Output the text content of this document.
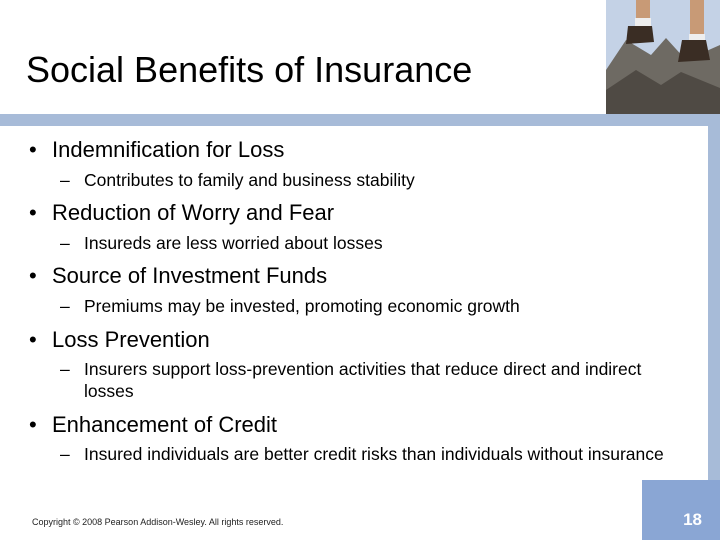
Social Benefits of Insurance
• Indemnification for Loss
– Contributes to family and business stability
• Reduction of Worry and Fear
– Insureds are less worried about losses
• Source of Investment Funds
– Premiums may be invested, promoting economic growth
• Loss Prevention
– Insurers support loss-prevention activities that reduce direct and indirect losses
• Enhancement of Credit
– Insured individuals are better credit risks than individuals without insurance
Copyright © 2008 Pearson Addison-Wesley. All rights reserved.	18
